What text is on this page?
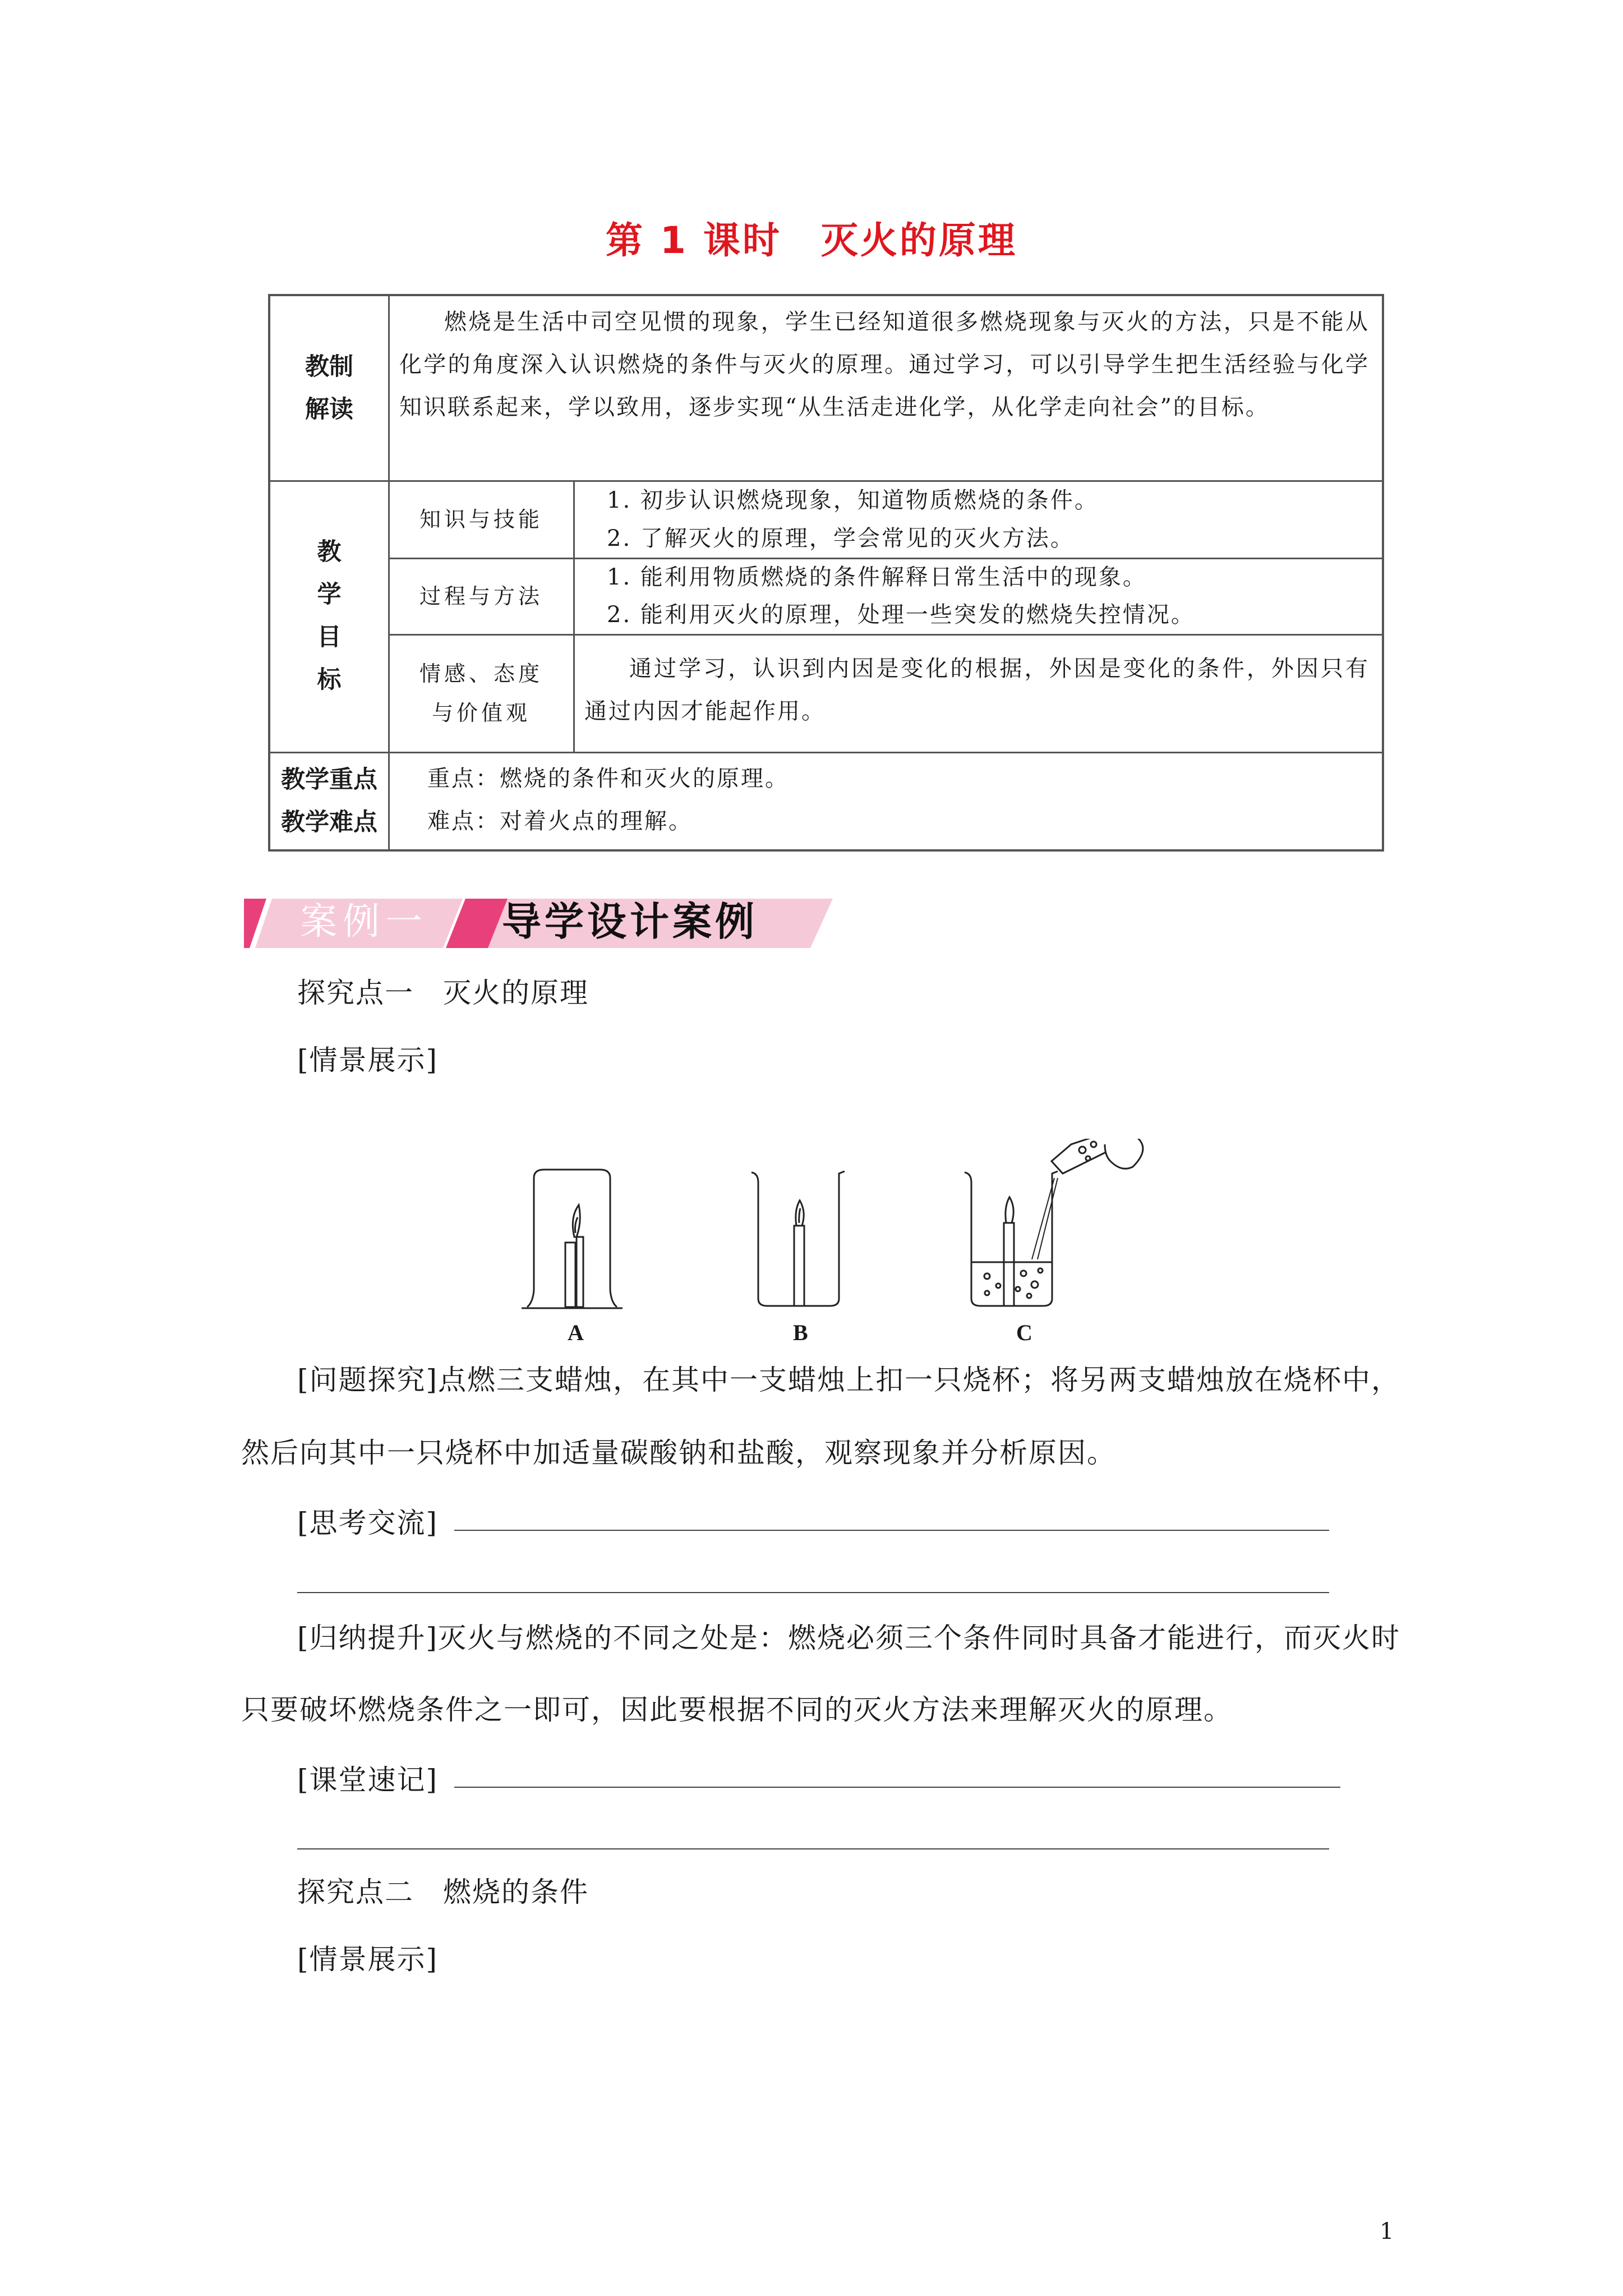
第 1 课时　灭火的原理
教制
解读
燃烧是生活中司空见惯的现象，学生已经知道很多燃烧现象与灭火的方法，只是不能从化学的角度深入认识燃烧的条件与灭火的原理。通过学习，可以引导学生把生活经验与化学知识联系起来，学以致用，逐步实现“从生活走进化学，从化学走向社会”的目标。
教
学
目
标
知识与技能
1. 初步认识燃烧现象，知道物质燃烧的条件。
2. 了解灭火的原理，学会常见的灭火方法。
过程与方法
1. 能利用物质燃烧的条件解释日常生活中的现象。
2. 能利用灭火的原理，处理一些突发的燃烧失控情况。
情感、态度
与价值观
通过学习，认识到内因是变化的根据，外因是变化的条件，外因只有通过内因才能起作用。
教学重点
教学难点
重点：燃烧的条件和灭火的原理。
难点：对着火点的理解。
案例一 导学设计案例
探究点一　灭火的原理
[情景展示]
A	B	C
[问题探究]点燃三支蜡烛，在其中一支蜡烛上扣一只烧杯；将另两支蜡烛放在烧杯中，
然后向其中一只烧杯中加适量碳酸钠和盐酸，观察现象并分析原因。
[思考交流]
[归纳提升]灭火与燃烧的不同之处是：燃烧必须三个条件同时具备才能进行，而灭火时
只要破坏燃烧条件之一即可，因此要根据不同的灭火方法来理解灭火的原理。
[课堂速记]
探究点二　燃烧的条件
[情景展示]
1
